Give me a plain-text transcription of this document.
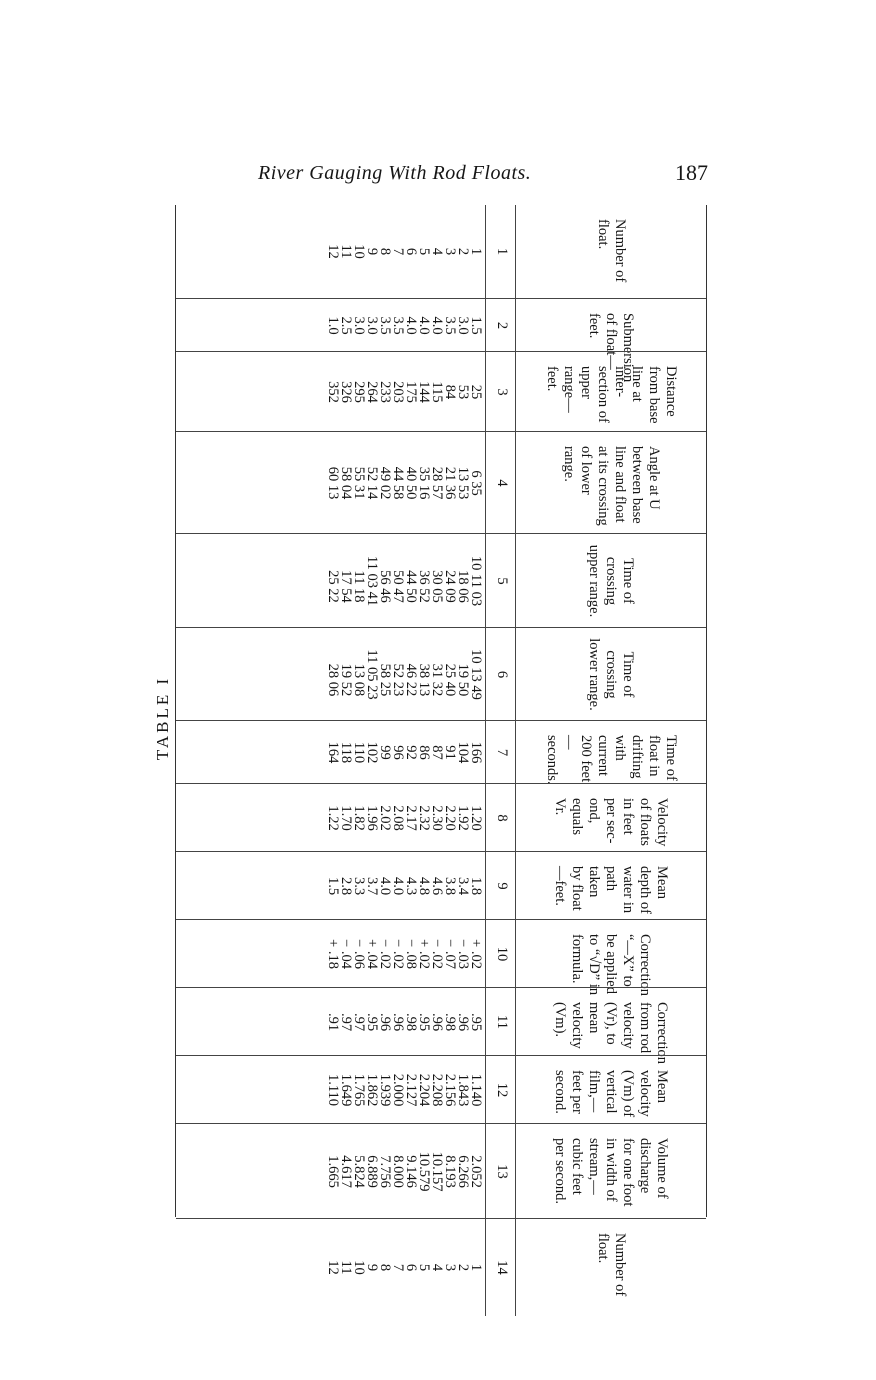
River Gauging With Rod Floats.	187
TABLE I
Number of float.
1
1
2
3
4
5
6
7
8
9
10
11
12
Submersion of float—feet.
2
1.5
3.0
3.5
4.0
4.0
4.0
3.5
3.5
3.0
3.0
2.5
1.0
Distance from base line at inter-section of upper range—feet.
3
25
53
84
115
144
175
203
233
264
295
326
352
Angle at U between base line and float at its crossing of lower range.
4
6 35
13 53
21 36
28 57
35 16
40 50
44 58
49 02
52 14
55 31
58 04
60 13
Time of crossing upper range.
5
10 11 03
18 06
24 09
30 05
36 52
44 50
50 47
56 46
11 03 41
11 18
17 54
25 22
Time of crossing lower range.
6
10 13 49
19 50
25 40
31 32
38 13
46 22
52 23
58 25
11 05 23
13 08
19 52
28 06
Time of float in drifting with current 200 feet—seconds.
7
166
104
91
87
86
92
96
99
102
110
118
164
Velocity of floats in feet per sec-ond, equals Vr.
8
1.20
1.92
2.20
2.30
2.32
2.17
2.08
2.02
1.96
1.82
1.70
1.22
Mean depth of water in path taken by float—feet.
9
1.8
3.4
3.8
4.6
4.8
4.3
4.0
4.0
3.7
3.3
2.8
1.5
Correction “—X” to be applied to “√D” in formula.
10
+ .02
− .03
− .07
− .02
+ .02
− .08
− .02
− .02
+ .04
− .06
− .04
+ .18
Correction from rod velocity (Vr), to mean velocity (Vm).
11
.95
.96
.98
.96
.95
.98
.96
.96
.95
.97
.97
.91
Mean velocity (Vm) of vertical film,—feet per second.
12
1.140
1.843
2.156
2.208
2.204
2.127
2.000
1.939
1.862
1.765
1.649
1.110
Volume of discharge for one foot in width of stream,—cubic feet per second.
13
2.052
6.266
8.193
10.157
10.579
9.146
8.000
7.756
6.889
5.824
4.617
1.665
Number of float.
14
1
2
3
4
5
6
7
8
9
10
11
12
